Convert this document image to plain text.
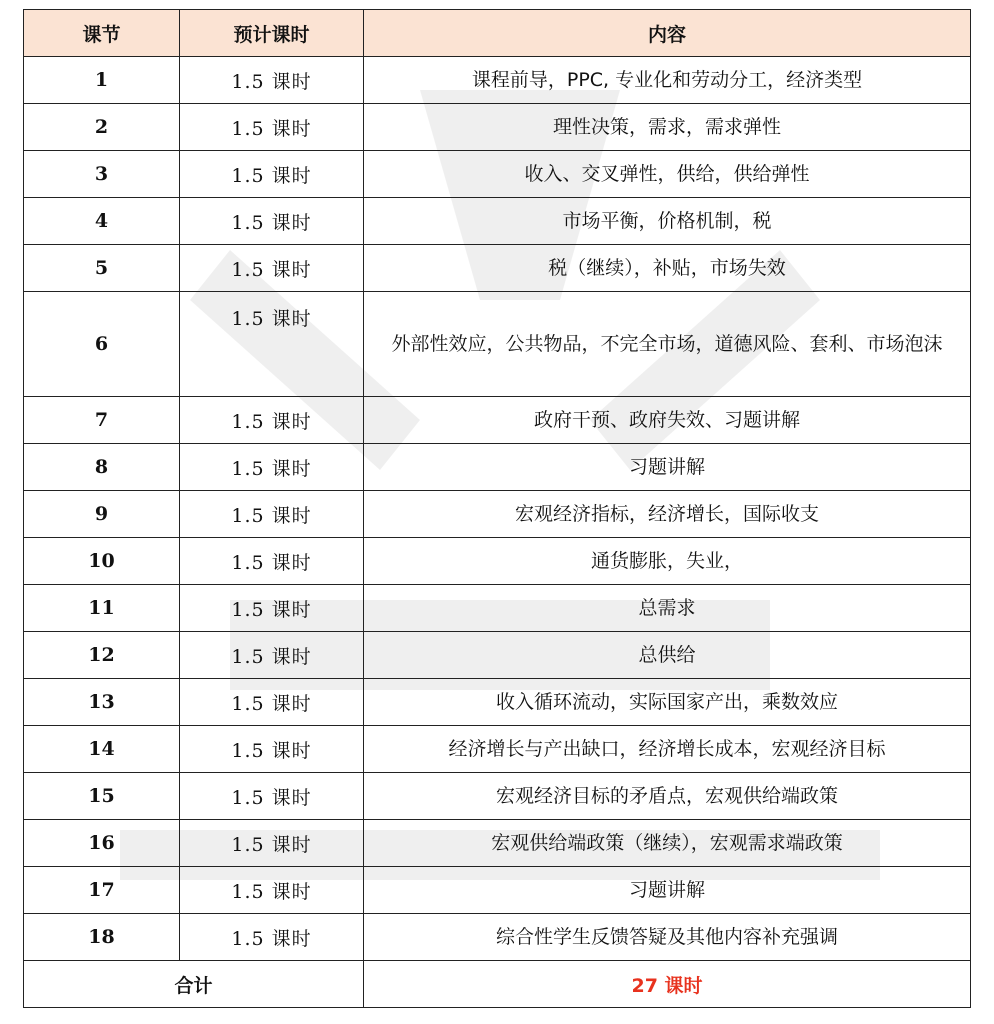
课节	预计课时	内容
1	1.5 课时	课程前导，PPC, 专业化和劳动分工，经济类型
2	1.5 课时	理性决策，需求，需求弹性
3	1.5 课时	收入、交叉弹性，供给，供给弹性
4	1.5 课时	市场平衡，价格机制，税
5	1.5 课时	税（继续），补贴，市场失效
6	1.5 课时	外部性效应，公共物品，不完全市场，道德风险、套利、市场泡沫
7	1.5 课时	政府干预、政府失效、习题讲解
8	1.5 课时	习题讲解
9	1.5 课时	宏观经济指标，经济增长，国际收支
10	1.5 课时	通货膨胀，失业，
11	1.5 课时	总需求
12	1.5 课时	总供给
13	1.5 课时	收入循环流动，实际国家产出，乘数效应
14	1.5 课时	经济增长与产出缺口，经济增长成本，宏观经济目标
15	1.5 课时	宏观经济目标的矛盾点，宏观供给端政策
16	1.5 课时	宏观供给端政策（继续），宏观需求端政策
17	1.5 课时	习题讲解
18	1.5 课时	综合性学生反馈答疑及其他内容补充强调
合计		27 课时
